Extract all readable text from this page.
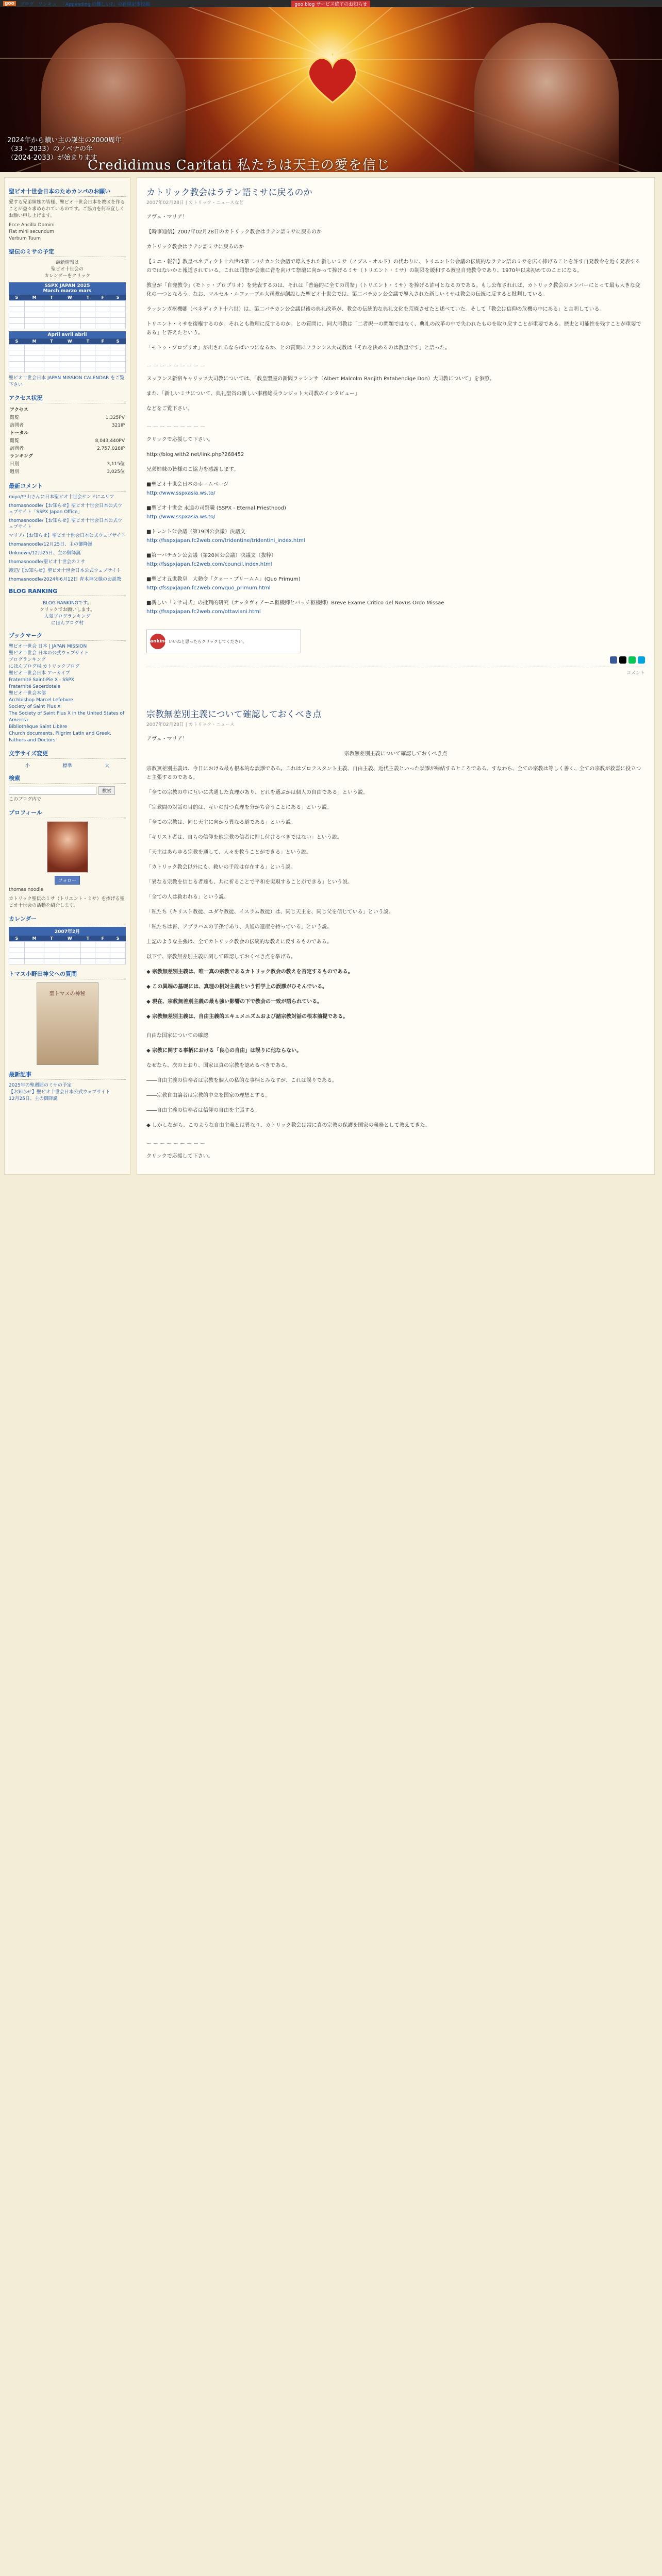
goo	ブログ ワンキュ 「Appending の難しい?」の新規記事投稿	goo blog サービス終了のお知らせ
2024年から贖い主の誕生の2000周年
（33 - 2033）のノベナの年
（2024-2033）が始まります
Credidimus Caritati 私たちは天主の愛を信じ
聖ピオ十世会日本のためカンパのお願い
愛する兄弟姉妹の皆様、聖ピオ十世会日本を教区を作ることが益々求められているのです。ご協力を何卒宜しくお願い申し上げます。
Ecce Ancilla Domini
Fiat mihi secundum
Verbum Tuum
聖伝のミサの予定
最新情報は
聖ピオ十世会の
カレンダーをクリック
SSPX JAPAN 2025
March marzo mars
S	M	T	W	T	F	S

April avril abril
S	M	T	W	T	F	S

聖ピオ十世会日本 JAPAN MISSION CALENDAR をご覧下さい
アクセス状況
アクセス	
閲覧	1,325PV
訪問者	321IP
トータル	
閲覧	8,043,440PV
訪問者	2,757,028IP
ランキング	
日別	3,115位
週別	3,025位
最新コメント
miyo/中山さんに日本聖ピオ十世会サンドにエリア
thomasnoodle/【お知らせ】聖ピオ十世会日本公式ウェブサイト「SSPX Japan Office」
thomasnoodle/【お知らせ】聖ピオ十世会日本公式ウェブサイト
マリア/【お知らせ】聖ピオ十世会日本公式ウェブサイト
thomasnoodle/12月25日、主の御降誕
Unknown/12月25日、主の御降誕
thomasnoodle/聖ピオ十世会のミサ
渡辺/【お知らせ】聖ピオ十世会日本公式ウェブサイト
thomasnoodle/2024年6月12日 青木神父様のお説教
BLOG RANKING
BLOG RANKINGです。
クリックでお願いします。
人気ブログランキング
にほんブログ村
ブックマーク
聖ピオ十世会 日本 | JAPAN MISSION
聖ピオ十世会 日本の公式ウェブサイト
ブログランキング
にほんブログ村 カトリックブログ
聖ピオ十世会日本 アーカイブ
Fraternité Saint-Pie X - SSPX
Fraternité Sacerdotale
聖ピオ十世会本部
Archbishop Marcel Lefebvre
Society of Saint Pius X
The Society of Saint Pius X in the United States of America
Bibliothèque Saint Libère
Church documents, Pilgrim Latin and Greek, Fathers and Doctors
文字サイズ変更
小	標準	大
検索
検索
このブログ内で
プロフィール
フォロー
thomas noodle
カトリック聖伝のミサ（トリエント・ミサ）を捧げる聖ピオ十世会の活動を紹介します。
カレンダー
2007年2月
S	M	T	W	T	F	S

トマス小野田神父への質問
聖トマスの神秘
最新記事
2025年の聖週間のミサの予定
【お知らせ】聖ピオ十世会日本公式ウェブサイト
12月25日、主の御降誕
カトリック教会はラテン語ミサに戻るのか
2007年02月28日 | カトリック・ニュースなど
アヴェ・マリア！
【時事通信】2007年02月28日のカトリック教会はラテン語ミサに戻るのか
カトリック教会はラテン語ミサに戻るのか
【ミニ・報告】教皇ベネディクト十六世は第二バチカン公会議で導入された新しいミサ（ノブス・オルド）の代わりに、トリエント公会議の伝統的なラテン語のミサを広く捧げることを許す自発教令を近く発表するのではないかと報道されている。これは司祭が会衆に背を向けて祭壇に向かって捧げるミサ（トリエント・ミサ）の制限を緩和する教皇自発教令であり、1970年以来初めてのことになる。
教皇が「自発教令」（モトゥ・プロプリオ）を発表するのは、それは「普遍的に全ての司祭」（トリエント・ミサ）を捧げる許可となるのである。もし公布されれば、カトリック教会のメンバーにとって最も大きな変化の一つとなろう。なお、マルセル・ルフェーブル大司教が創設した聖ピオ十世会では、第二バチカン公会議で導入された新しいミサは教会の伝統に反すると批判している。
ラッシンガ枢機卿（ベネディクト十六世）は、第二バチカン公会議以後の典礼改革が、教会の伝統的な典礼文化を荒廃させたと述べていた。そして「教会は信仰の危機の中にある」と言明している。
トリエント・ミサを復権するのか。それとも教理に反するのか。との質問に、同大司教は「二者択一の問題ではなく、典礼の改革の中で失われたものを取り戻すことが重要である。歴史と可能性を残すことが重要である」と答えたという。
「モトゥ・プロプリオ」が出されるならばいつになるか、との質問にフランシス大司教は「それを決めるのは教皇です」と語った。
ーーーーーーーーー
ヌッランス新宿キャリッツ大司教については、「教皇聖座の新聞ラッシンサ（Albert Malcolm Ranjith Patabendige Don）大司教について」を参照。
また、「新しいミサについて、典礼聖省の新しい事務総長ランジット大司教のインタビュー」
などをご覧下さい。
ーーーーーーーーー
クリックで応援して下さい。
http://blog.with2.net/link.php?268452
兄弟姉妹の皆様のご協力を感謝します。
■聖ピオ十世会日本のホームページ
http://www.sspxasia.ws.to/
■聖ピオ十世会 永遠の司祭職 (SSPX - Eternal Priesthood)
http://www.sspxasia.ws.to/
■トレント公会議（第19回公会議）決議文
http://fsspxjapan.fc2web.com/tridentine/tridentini_index.html
■第一バチカン公会議（第20回公会議）決議文（抜粋）
http://fsspxjapan.fc2web.com/council.index.html
■聖ピオ五世教皇　大勅令「クォー・プリームム」(Quo Primum)
http://fsspxjapan.fc2web.com/quo_primum.html
■新しい「ミサ司式」の批判的研究（オッタヴィアーニ枢機卿とバッチ枢機卿）Breve Exame Critico del Novus Ordo Missae
http://fsspxjapan.fc2web.com/ottaviani.html
ranking いいねと思ったらクリックしてください。
コメント
宗教無差別主義について確認しておくべき点
2007年02月28日 | カトリック・ニュース
アヴェ・マリア！
宗教無差別主義について確認しておくべき点
宗教無差別主義は、今日における最も根本的な誤謬である。これはプロテスタント主義、自由主義、近代主義といった誤謬が帰結するところである。すなわち、全ての宗教は等しく善く、全ての宗教が救霊に役立つと主張するのである。
「全ての宗教の中に互いに共通した真理があり、どれを選ぶかは個人の自由である」という説。
「宗教間の対話の目的は、互いの持つ真理を分かち合うことにある」という説。
「全ての宗教は、同じ天主に向かう異なる道である」という説。
「キリスト者は、自らの信仰を他宗教の信者に押し付けるべきではない」という説。
「天主はあらゆる宗教を通して、人々を救うことができる」という説。
「カトリック教会以外にも、救いの手段は存在する」という説。
「異なる宗教を信じる者達も、共に祈ることで平和を実現することができる」という説。
「全ての人は救われる」という説。
「私たち（キリスト教徒、ユダヤ教徒、イスラム教徒）は、同じ天主を、同じ父を信じている」という説。
「私たちは皆、アブラハムの子孫であり、共通の遺産を持っている」という説。
上記のような主張は、全てカトリック教会の伝統的な教えに反するものである。
以下で、宗教無差別主義に関して確認しておくべき点を挙げる。
◆ 宗教無差別主義は、唯一真の宗教であるカトリック教会の教えを否定するものである。
◆ この異端の基礎には、真理の相対主義という哲学上の誤謬がひそんでいる。
◆ 現在、宗教無差別主義の最も強い影響の下で教会の一致が語られている。
◆ 宗教無差別主義は、自由主義的エキュメニズムおよび諸宗教対話の根本前提である。
自由な国家についての確認
◆ 宗教に関する事柄における「良心の自由」は誤りに他ならない。
なぜなら、次のとおり、国家は真の宗教を認めるべきである。
――自由主義の信奉者は宗教を個人の私的な事柄とみなすが、これは誤りである。
――宗教自由論者は宗教的中立を国家の理想とする。
――自由主義の信奉者は信仰の自由を主張する。
◆ しかしながら、このような自由主義とは異なり、カトリック教会は常に真の宗教の保護を国家の義務として教えてきた。
ーーーーーーーーー
クリックで応援して下さい。
